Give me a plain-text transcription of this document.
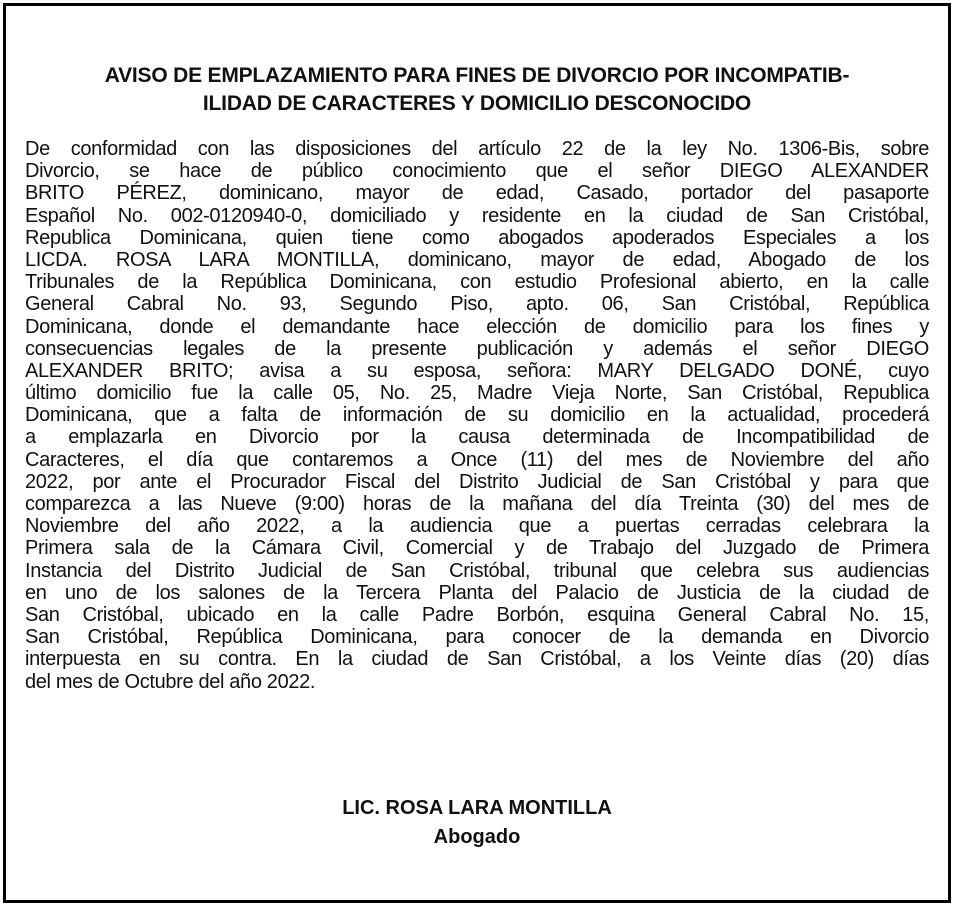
AVISO DE EMPLAZAMIENTO PARA FINES DE DIVORCIO POR INCOMPATIB-
ILIDAD DE CARACTERES Y DOMICILIO DESCONOCIDO
De conformidad con las disposiciones del artículo 22 de la ley No. 1306-Bis, sobre
Divorcio, se hace de público conocimiento que el señor DIEGO ALEXANDER
BRITO PÉREZ, dominicano, mayor de edad, Casado, portador del pasaporte
Español No. 002-0120940-0, domiciliado y residente en la ciudad de San Cristóbal,
Republica Dominicana, quien tiene como abogados apoderados Especiales a los
LICDA. ROSA LARA MONTILLA, dominicano, mayor de edad, Abogado de los
Tribunales de la República Dominicana, con estudio Profesional abierto, en la calle
General Cabral No. 93, Segundo Piso, apto. 06, San Cristóbal, República
Dominicana, donde el demandante hace elección de domicilio para los fines y
consecuencias legales de la presente publicación y además el señor DIEGO
ALEXANDER BRITO; avisa a su esposa, señora: MARY DELGADO DONÉ, cuyo
último domicilio fue la calle 05, No. 25, Madre Vieja Norte, San Cristóbal, Republica
Dominicana, que a falta de información de su domicilio en la actualidad, procederá
a emplazarla en Divorcio por la causa determinada de Incompatibilidad de
Caracteres, el día que contaremos a Once (11) del mes de Noviembre del año
2022, por ante el Procurador Fiscal del Distrito Judicial de San Cristóbal y para que
comparezca a las Nueve (9:00) horas de la mañana del día Treinta (30) del mes de
Noviembre del año 2022, a la audiencia que a puertas cerradas celebrara la
Primera sala de la Cámara Civil, Comercial y de Trabajo del Juzgado de Primera
Instancia del Distrito Judicial de San Cristóbal, tribunal que celebra sus audiencias
en uno de los salones de la Tercera Planta del Palacio de Justicia de la ciudad de
San Cristóbal, ubicado en la calle Padre Borbón, esquina General Cabral No. 15,
San Cristóbal, República Dominicana, para conocer de la demanda en Divorcio
interpuesta en su contra. En la ciudad de San Cristóbal, a los Veinte días (20) días
del mes de Octubre del año 2022.
LIC. ROSA LARA MONTILLA
Abogado
